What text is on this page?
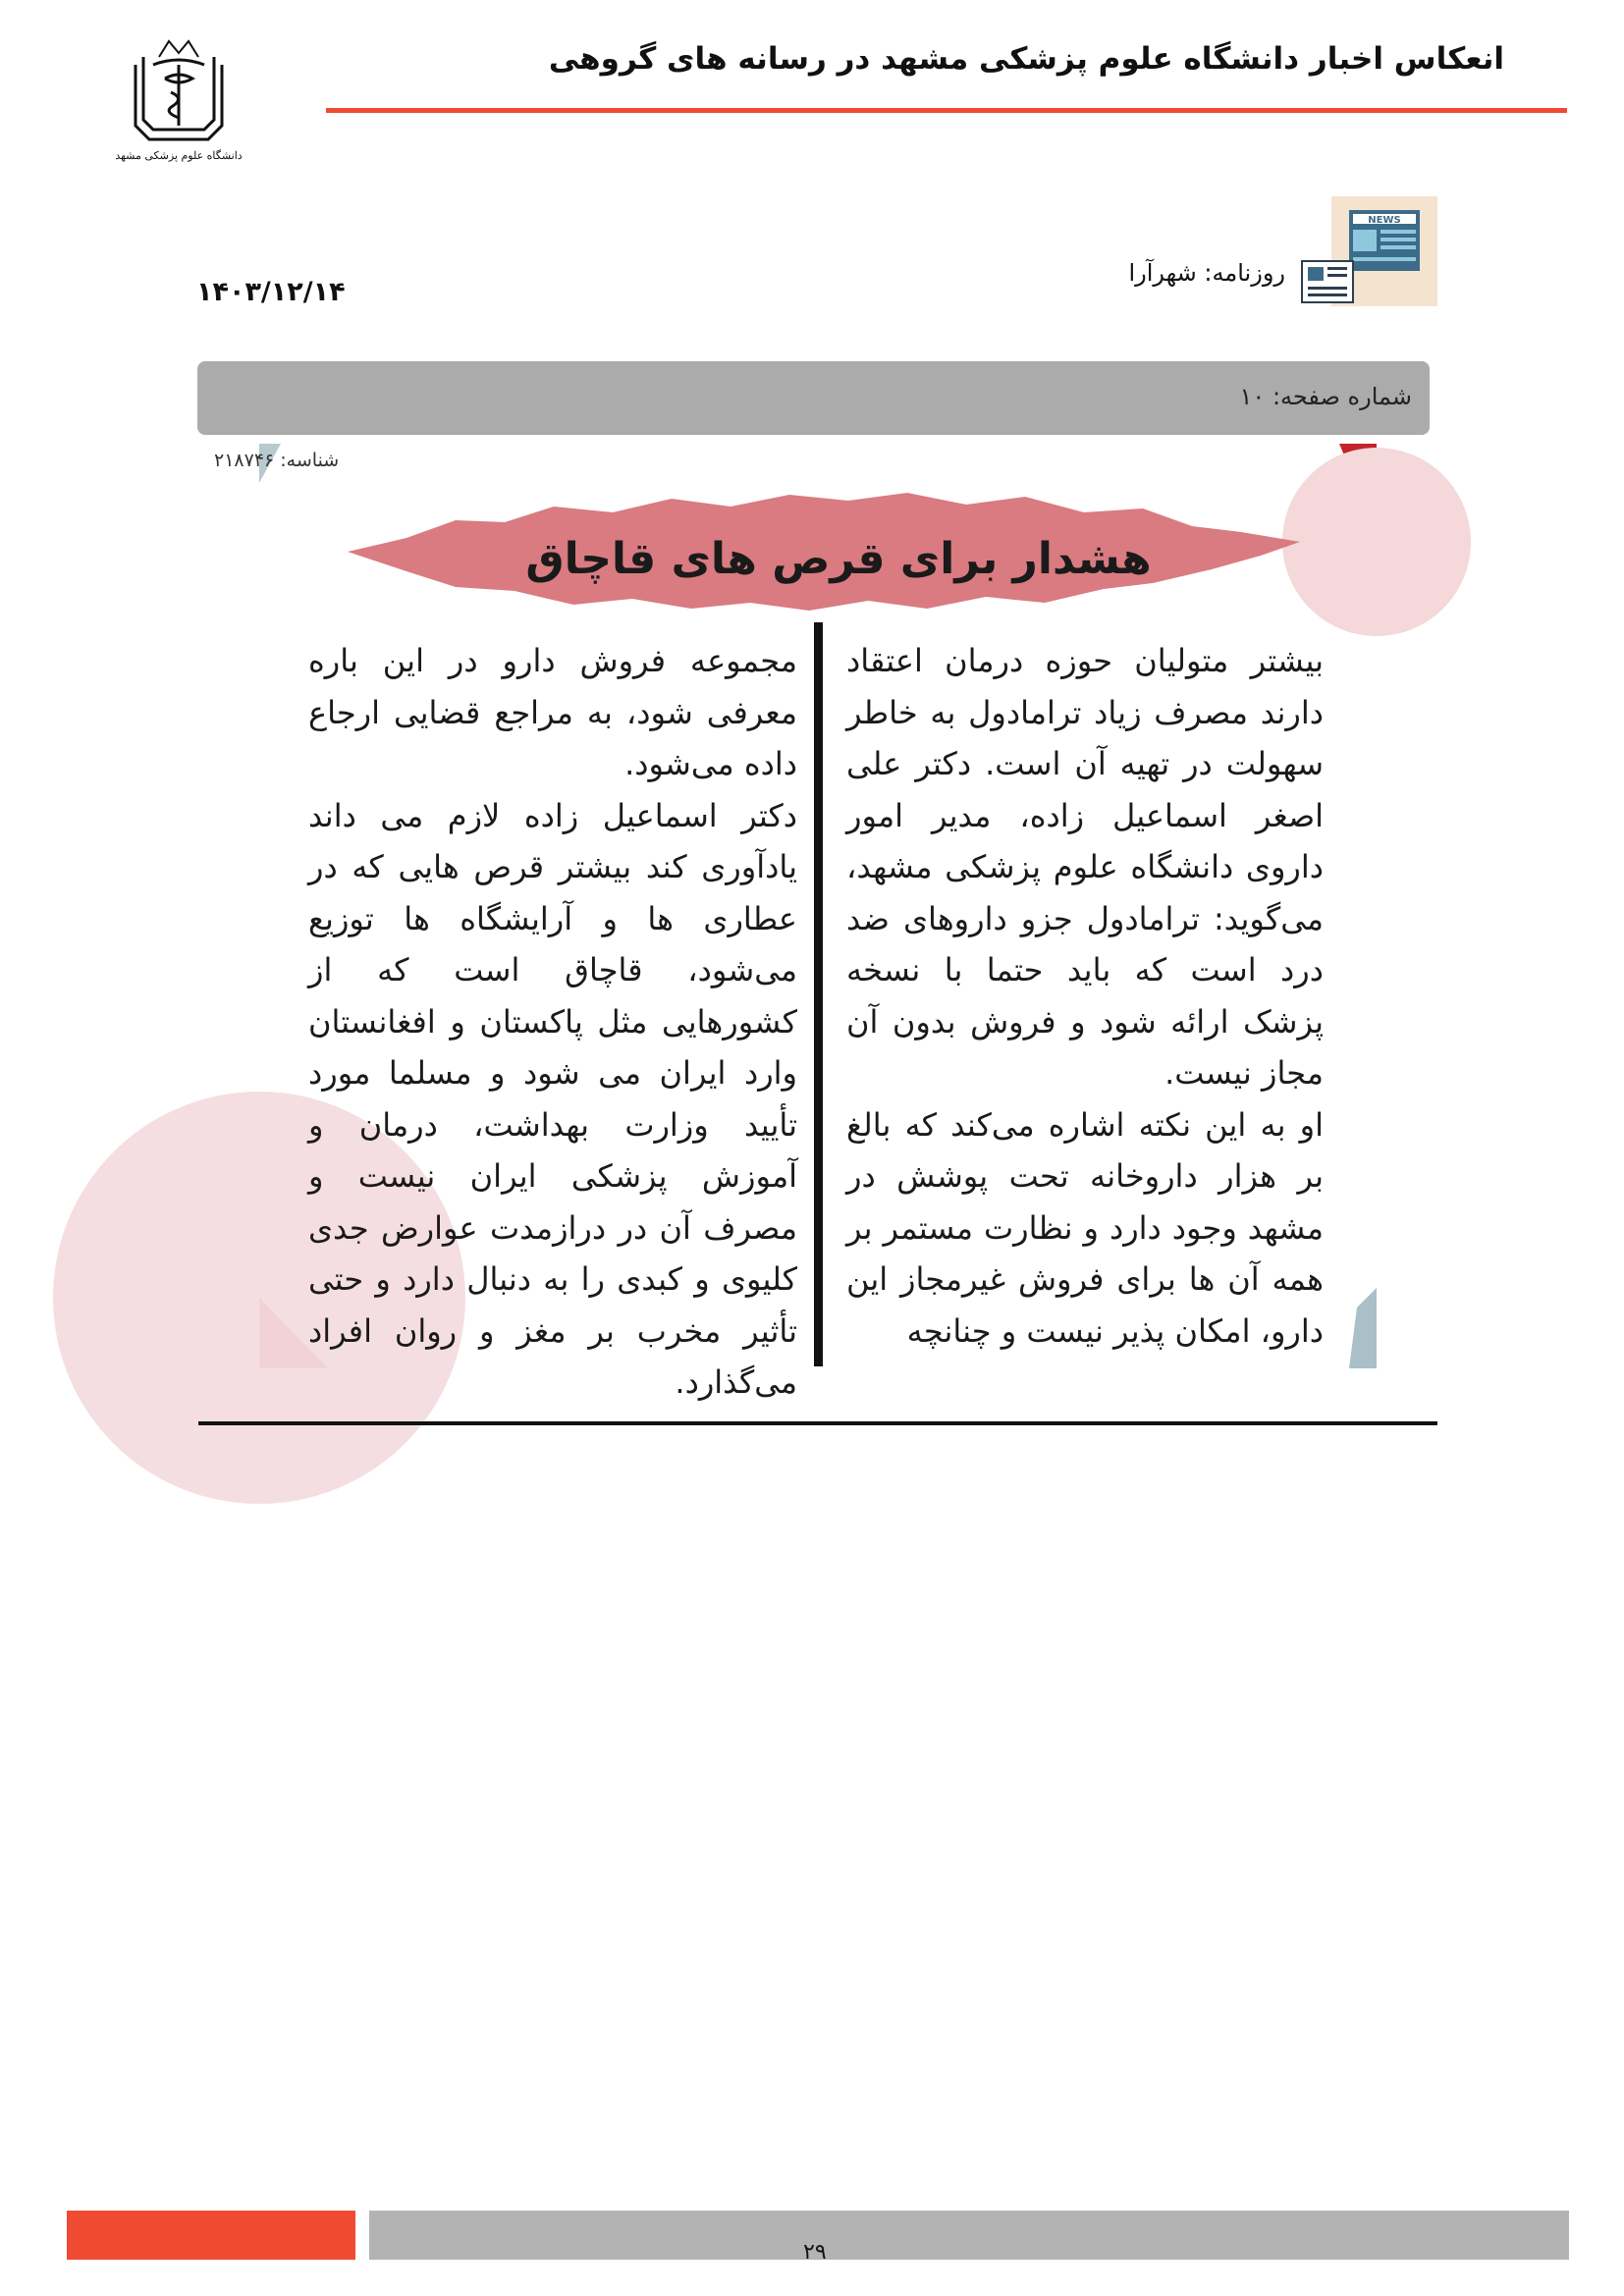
انعکاس اخبار دانشگاه علوم پزشکی مشهد در رسانه های گروهی
دانشگاه علوم پزشکی مشهد
NEWS
روزنامه: شهرآرا
۱۴۰۳/۱۲/۱۴
شماره صفحه: ۱۰
هشدار برای قرص های قاچاق

بیشتر متولیان حوزه درمان اعتقاد دارند مصرف زیاد ترامادول به خاطر سهولت در تهیه آن است. دکتر علی اصغر اسماعیل زاده، مدیر امور داروی دانشگاه علوم پزشکی مشهد، می‌گوید: ترامادول جزو داروهای ضد درد است که باید حتما با نسخه پزشک ارائه شود و فروش بدون آن مجاز نیست.

او به این نکته اشاره می‌کند که بالغ بر هزار داروخانه تحت پوشش در مشهد وجود دارد و نظارت مستمر بر همه آن ها برای فروش غیرمجاز این دارو، امکان پذیر نیست و چنانچه

مجموعه فروش دارو در این باره معرفی شود، به مراجع قضایی ارجاع داده می‌شود.

دکتر اسماعیل زاده لازم می داند یادآوری کند بیشتر قرص هایی که در عطاری ها و آرایشگاه ها توزیع می‌شود، قاچاق است که از کشورهایی مثل پاکستان و افغانستان وارد ایران می شود و مسلما مورد تأیید وزارت بهداشت، درمان و آموزش پزشکی ایران نیست و مصرف آن در درازمدت عوارض جدی کلیوی و کبدی را به دنبال دارد و حتی تأثیر مخرب بر مغز و روان افراد می‌گذارد.

شناسه: ۲۱۸۷۴۶
۲۹
